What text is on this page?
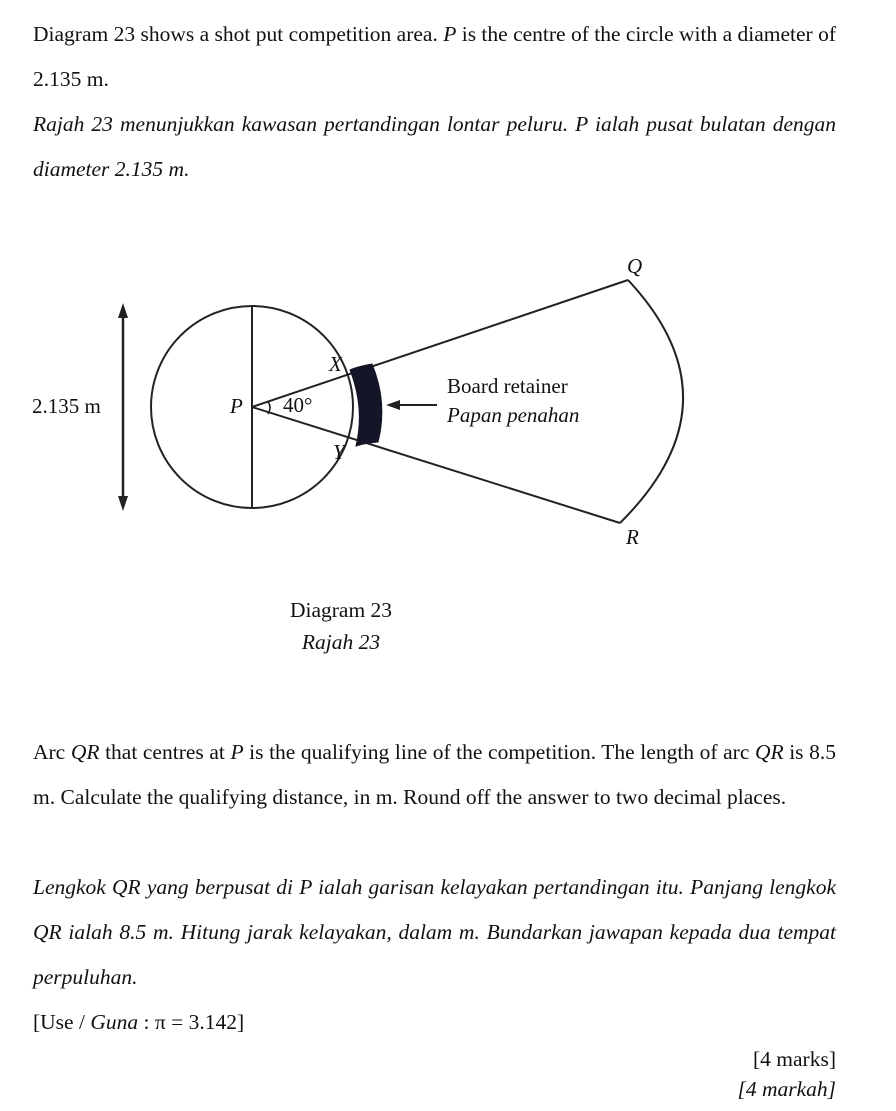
Diagram 23 shows a shot put competition area. P is the centre of the circle with a diameter of 2.135 m.

Rajah 23 menunjukkan kawasan pertandingan lontar peluru. P ialah pusat bulatan dengan diameter 2.135 m.

2.135 m	40°
P
X
Y
Q
R
Board retainer
Papan penahan

Diagram 23

Rajah 23

Arc QR that centres at P is the qualifying line of the competition. The length of arc QR is 8.5 m. Calculate the qualifying distance, in m. Round off the answer to two decimal places.

Lengkok QR yang berpusat di P ialah garisan kelayakan pertandingan itu. Panjang lengkok QR ialah 8.5 m. Hitung jarak kelayakan, dalam m. Bundarkan jawapan kepada dua tempat perpuluhan.

[Use / Guna : π = 3.142]

[4 marks]

[4 markah]
